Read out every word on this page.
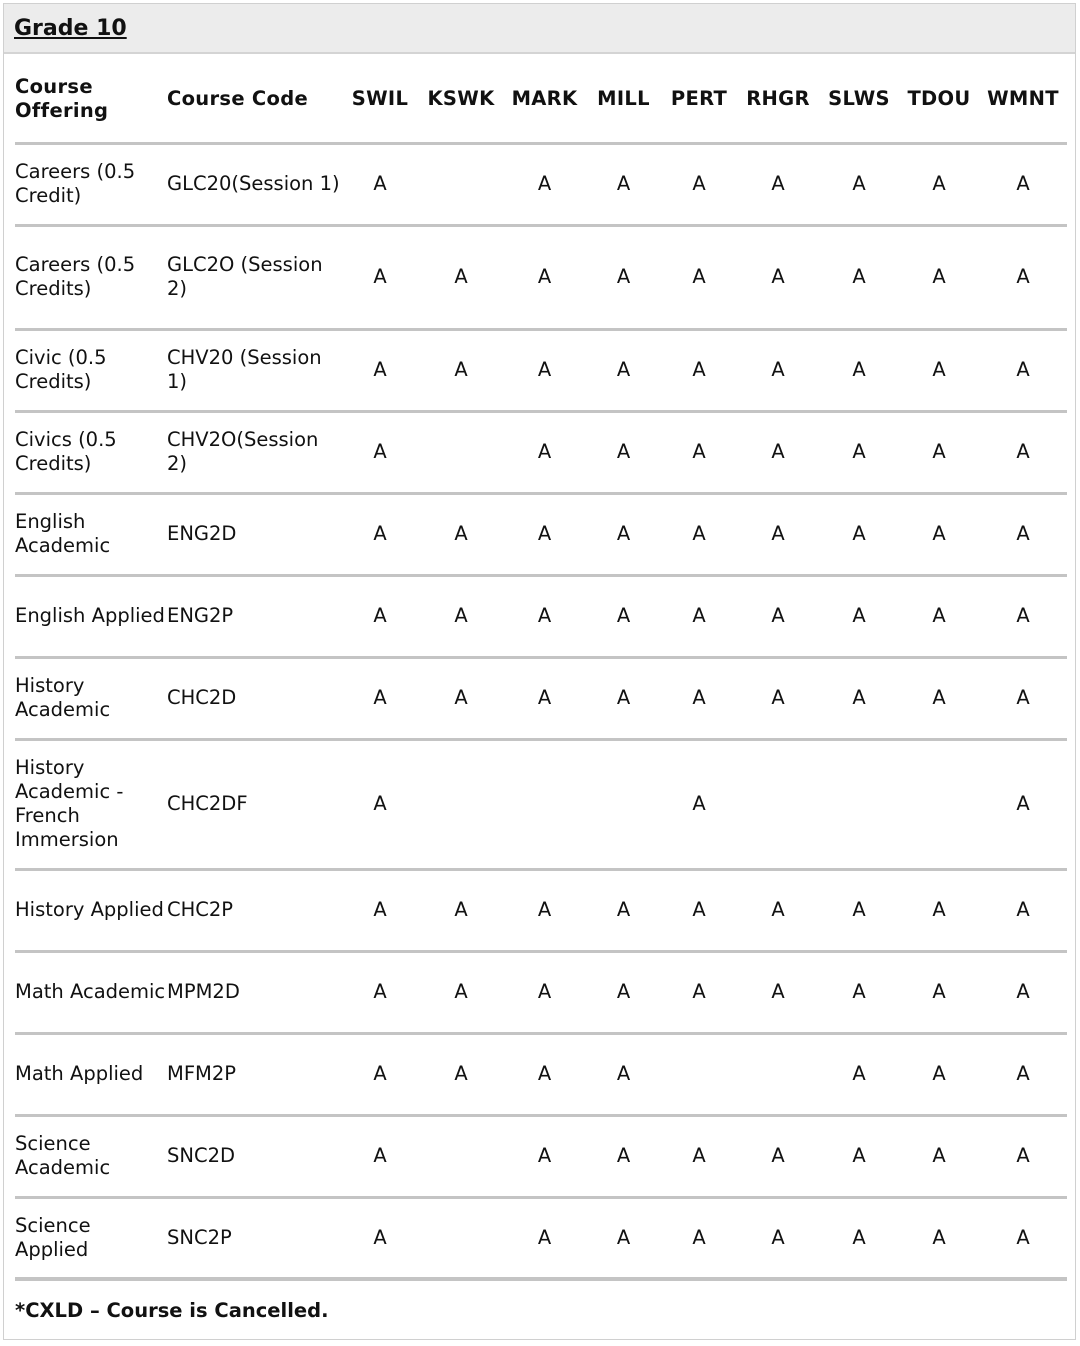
Grade 10
Course Offering	Course Code	SWIL	KSWK	MARK	MILL	PERT	RHGR	SLWS	TDOU	WMNT
Careers (0.5 Credit)	GLC20(Session 1)	A		A	A	A	A	A	A	A
Careers (0.5 Credits)	GLC2O (Session 2)	A	A	A	A	A	A	A	A	A
Civic (0.5 Credits)	CHV20 (Session 1)	A	A	A	A	A	A	A	A	A
Civics (0.5 Credits)	CHV2O(Session 2)	A		A	A	A	A	A	A	A
English Academic	ENG2D	A	A	A	A	A	A	A	A	A
English Applied	ENG2P	A	A	A	A	A	A	A	A	A
History Academic	CHC2D	A	A	A	A	A	A	A	A	A
History Academic - French Immersion	CHC2DF	A				A				A
History Applied	CHC2P	A	A	A	A	A	A	A	A	A
Math Academic	MPM2D	A	A	A	A	A	A	A	A	A
Math Applied	MFM2P	A	A	A	A			A	A	A
Science Academic	SNC2D	A		A	A	A	A	A	A	A
Science Applied	SNC2P	A		A	A	A	A	A	A	A
*CXLD – Course is Cancelled.										
